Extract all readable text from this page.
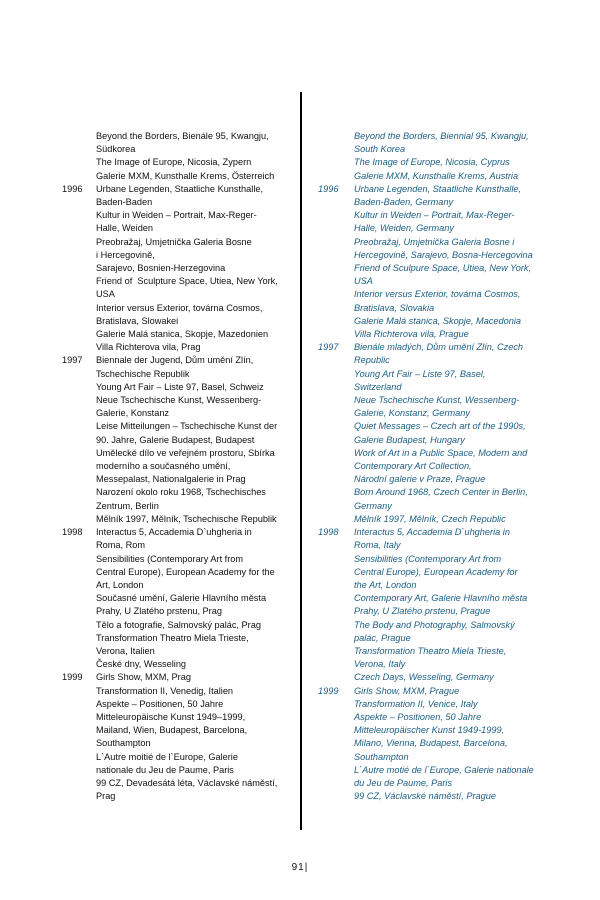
Beyond the Borders, Bienále 95, Kwangju,
Südkorea
The Image of Europe, Nicosia, Zypern
Galerie MXM, Kunsthalle Krems, Österreich
1996	Urbane Legenden, Staatliche Kunsthalle,
Baden-Baden
Kultur in Weiden – Portrait, Max-Reger-
Halle, Weiden
Preobražaj, Umjetnička Galeria Bosne
i Hercegovině,
Sarajevo, Bosnien-Herzegovina
Friend of  Sculpture Space, Utiea, New York,
USA
Interior versus Exterior, továrna Cosmos,
Bratislava, Slowakei
Galerie Malá stanica, Skopje, Mazedonien
Villa Richterova vila, Prag
1997	Biennale der Jugend, Dům umění Zlín,
Tschechische Republik
Young Art Fair – Liste 97, Basel, Schweiz
Neue Tschechische Kunst, Wessenberg-
Galerie, Konstanz
Leise Mitteilungen – Tschechische Kunst der
90. Jahre, Galerie Budapest, Budapest
Umělecké dílo ve veřejném prostoru, Sbírka
moderního a současného umění,
Messepalast, Nationalgalerie in Prag
Narození okolo roku 1968, Tschechisches
Zentrum, Berlin
Mělník 1997, Mělník, Tschechische Republik
1998	Interactus 5, Accademia D`uhgheria in
Roma, Rom
Sensibilities (Contemporary Art from
Central Europe), European Academy for the
Art, London
Současné umění, Galerie Hlavního města
Prahy, U Zlatého prstenu, Prag
Tělo a fotografie, Salmovský palác, Prag
Transformation Theatro Miela Trieste,
Verona, Italien
České dny, Wesseling
1999	Girls Show, MXM, Prag
Transformation II, Venedig, Italien
Aspekte – Positionen, 50 Jahre
Mitteleuropäische Kunst 1949–1999,
Mailand, Wien, Budapest, Barcelona,
Southampton
L`Autre moitié de l`Europe, Galerie
nationale du Jeu de Paume, Paris
99 CZ, Devadesátá léta, Václavské náměstí,
Prag
Beyond the Borders, Biennial 95, Kwangju,
South Korea
The Image of Europe, Nicosia, Cyprus
Galerie MXM, Kunsthalle Krems, Austria
1996	Urbane Legenden, Staatliche Kunsthalle,
Baden-Baden, Germany
Kultur in Weiden – Portrait, Max-Reger-
Halle, Weiden, Germany
Preobražaj, Umjetnička Galeria Bosne i
Hercegovině, Sarajevo, Bosna-Hercegovina
Friend of Sculpure Space, Utiea, New York,
USA
Interior versus Exterior, továrna Cosmos,
Bratislava, Slovakia
Galerie Malá stanica, Skopje, Macedonia
Villa Richterova vila, Prague
1997	Bienále mladých, Dům umění Zlín, Czech
Republic
Young Art Fair – Liste 97, Basel,
Switzerland
Neue Tschechische Kunst, Wessenberg-
Galerie, Konstanz, Germany
Quiet Messages – Czech art of the 1990s,
Galerie Budapest, Hungary
Work of Art in a Public Space, Modern and
Contemporary Art Collection,
Národní galerie v Praze, Prague
Born Around 1968, Czech Center in Berlin,
Germany
Mělník 1997, Mělník, Czech Republic
1998	Interactus 5, Accademia D`uhgheria in
Roma, Italy
Sensibilities (Contemporary Art from
Central Europe), European Academy for
the Art, London
Contemporary Art, Galerie Hlavního města
Prahy, U Zlatého prstenu, Prague
The Body and Photography, Salmovský
palác, Prague
Transformation Theatro Miela Trieste,
Verona, Italy
Czech Days, Wesseling, Germany
1999	Girls Show, MXM, Prague
Transformation II, Venice, Italy
Aspekte – Positionen, 50 Jahre
Mitteleuropäischer Kunst 1949-1999,
Milano, Vienna, Budapest, Barcelona,
Southampton
L`Autre motié de l`Europe, Galerie nationale
du Jeu de Paume, Paris
99 CZ, Václavské náměstí, Prague
91|
